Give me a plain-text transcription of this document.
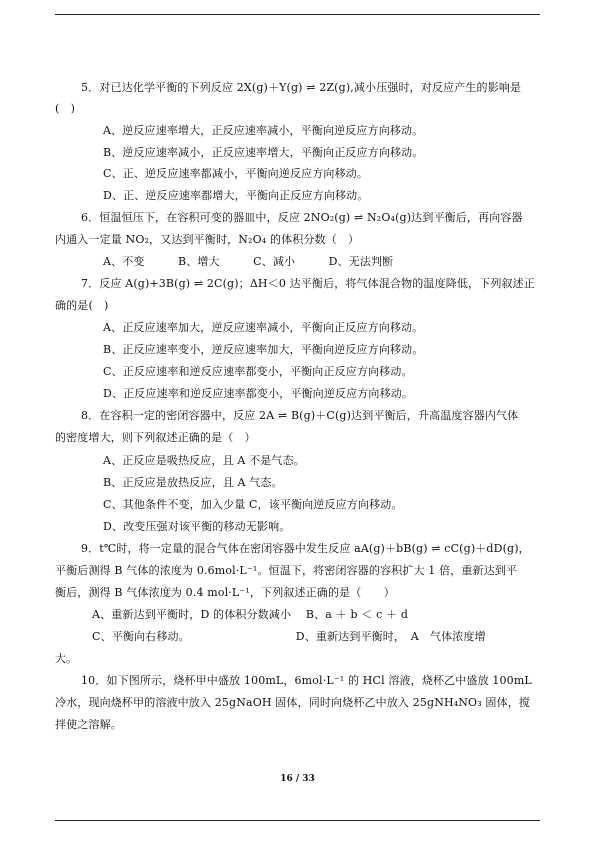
5．对已达化学平衡的下列反应 2X(g)＋Y(g) ⇌ 2Z(g),减小压强时，对反应产生的影响是
(　)
A、逆反应速率增大，正反应速率减小，平衡向逆反应方向移动。
B、逆反应速率减小，正反应速率增大，平衡向正反应方向移动。
C、正、逆反应速率都减小，平衡向逆反应方向移动。
D、正、逆反应速率都增大，平衡向正反应方向移动。
6．恒温恒压下，在容积可变的器皿中，反应 2NO₂(g) ⇌ N₂O₄(g)达到平衡后，再向容器
内通入一定量 NO₂，又达到平衡时，N₂O₄ 的体积分数（　）
A、不变　　　B、增大　　　C、减小　　　D、无法判断
7．反应 A(g)+3B(g) ⇌ 2C(g)；ΔH＜0 达平衡后，将气体混合物的温度降低，下列叙述正
确的是(　)
A、正反应速率加大，逆反应速率减小，平衡向正反应方向移动。
B、正反应速率变小，逆反应速率加大，平衡向逆反应方向移动。
C、正反应速率和逆反应速率都变小，平衡向正反应方向移动。
D、正反应速率和逆反应速率都变小，平衡向逆反应方向移动。
8．在容积一定的密闭容器中，反应 2A ⇌ B(g)＋C(g)达到平衡后，升高温度容器内气体
的密度增大，则下列叙述正确的是（　）
A、正反应是吸热反应，且 A 不是气态。
B、正反应是放热反应，且 A 气态。
C、其他条件不变，加入少量 C，该平衡向逆反应方向移动。
D、改变压强对该平衡的移动无影响。
9．t℃时，将一定量的混合气体在密闭容器中发生反应 aA(g)＋bB(g) ⇌ cC(g)＋dD(g)，
平衡后测得 B 气体的浓度为 0.6mol·L⁻¹。恒温下，将密闭容器的容积扩大 1 倍，重新达到平
衡后，测得 B 气体浓度为 0.4 mol·L⁻¹，下列叙述正确的是（　　）
A、重新达到平衡时，D 的体积分数减小　 B、a ＋ b ＜ c ＋ d
C、平衡向右移动。　　　　　　　　　　D、重新达到平衡时，　A　气体浓度增
大。
10．如下图所示，烧杯甲中盛放 100mL，6mol·L⁻¹ 的 HCl 溶液，烧杯乙中盛放 100mL
冷水，现向烧杯甲的溶液中放入 25gNaOH 固体，同时向烧杯乙中放入 25gNH₄NO₃ 固体，搅
拌使之溶解。
16 / 33
